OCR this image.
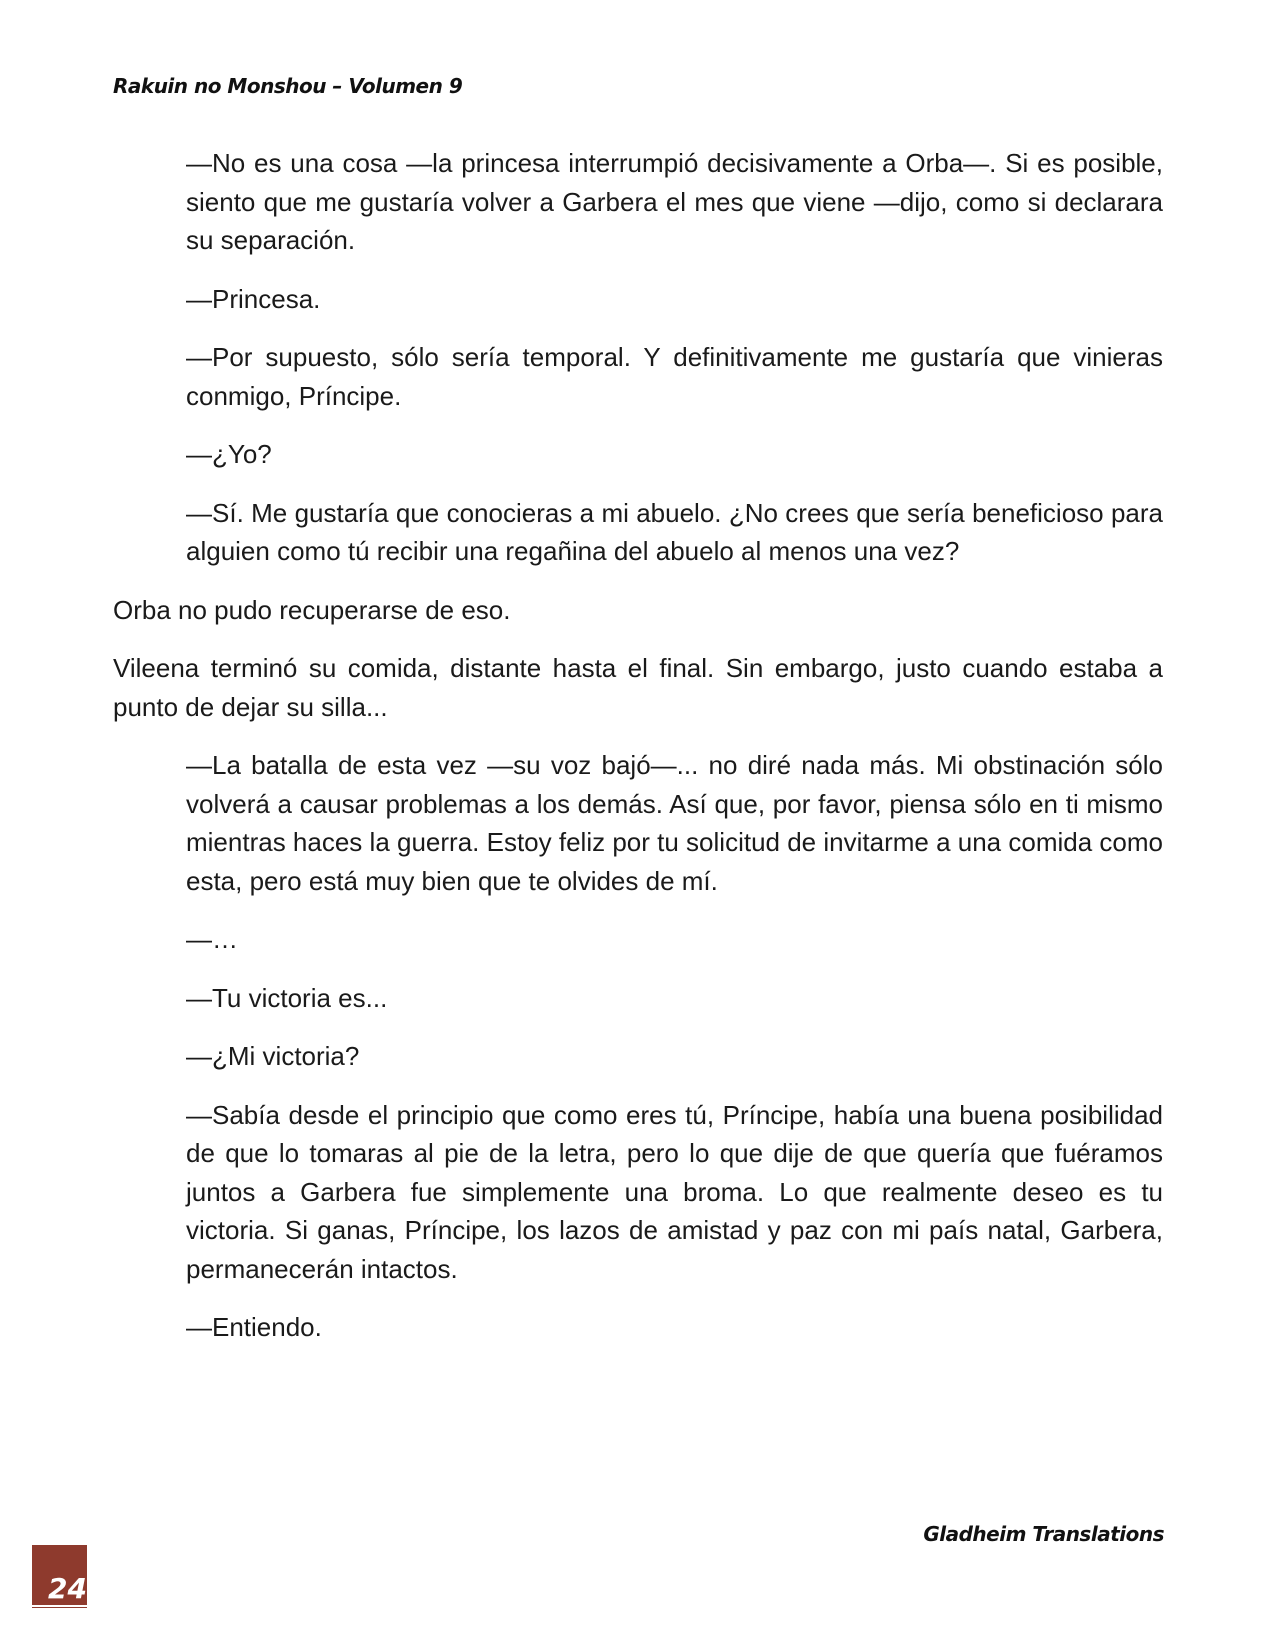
Rakuin no Monshou – Volumen 9

—No es una cosa —la princesa interrumpió decisivamente a Orba—. Si es posible, siento que me gustaría volver a Garbera el mes que viene —dijo, como si declarara su separación.

—Princesa.

—Por supuesto, sólo sería temporal. Y definitivamente me gustaría que vinieras conmigo, Príncipe.

—¿Yo?

—Sí. Me gustaría que conocieras a mi abuelo. ¿No crees que sería beneficioso para alguien como tú recibir una regañina del abuelo al menos una vez?

Orba no pudo recuperarse de eso.

Vileena terminó su comida, distante hasta el final. Sin embargo, justo cuando estaba a punto de dejar su silla...

—La batalla de esta vez —su voz bajó—... no diré nada más. Mi obstinación sólo volverá a causar problemas a los demás. Así que, por favor, piensa sólo en ti mismo mientras haces la guerra. Estoy feliz por tu solicitud de invitarme a una comida como esta, pero está muy bien que te olvides de mí.

—…

—Tu victoria es...

—¿Mi victoria?

—Sabía desde el principio que como eres tú, Príncipe, había una buena posibilidad de que lo tomaras al pie de la letra, pero lo que dije de que quería que fuéramos juntos a Garbera fue simplemente una broma. Lo que realmente deseo es tu victoria. Si ganas, Príncipe, los lazos de amistad y paz con mi país natal, Garbera, permanecerán intactos.

—Entiendo.

Gladheim Translations
24
